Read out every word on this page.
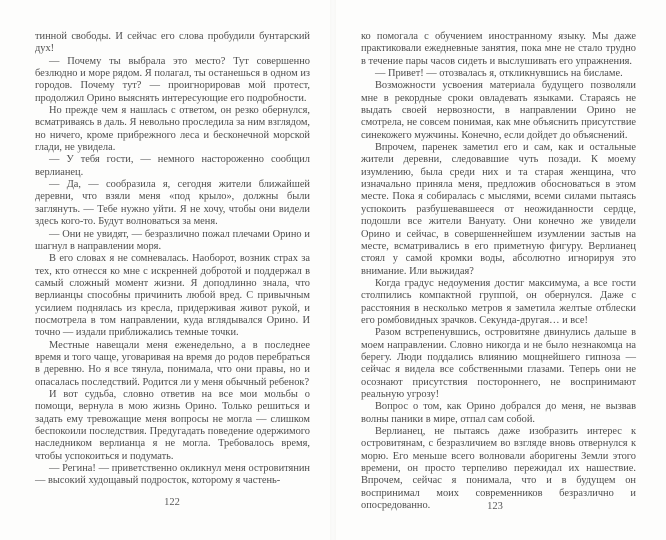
тинной свободы. И сейчас его слова пробудили бунтарский дух!

— Почему ты выбрала это место? Тут совершенно безлюдно и море рядом. Я полагал, ты останешься в одном из городов. Почему тут? — проигнорировав мой протест, продолжил Орино выяснять интересующие его подробности.

Но прежде чем я нашлась с ответом, он резко обернулся, всматриваясь в даль. Я невольно проследила за ним взглядом, но ничего, кроме прибрежного леса и бесконечной морской глади, не увидела.

— У тебя гости, — немного настороженно сообщил верлианец.

— Да, — сообразила я, сегодня жители ближайшей деревни, что взяли меня «под крыло», должны были заглянуть. — Тебе нужно уйти. Я не хочу, чтобы они видели здесь кого-то. Будут волноваться за меня.

— Они не увидят, — безразлично пожал плечами Орино и шагнул в направлении моря.

В его словах я не сомневалась. Наоборот, возник страх за тех, кто отнесся ко мне с искренней добротой и поддержал в самый сложный момент жизни. Я доподлинно знала, что верлианцы способны причинить любой вред. С привычным усилием поднялась из кресла, придерживая живот рукой, и посмотрела в том направлении, куда вглядывался Орино. И точно — издали приближались темные точки.

Местные навещали меня еженедельно, а в последнее время и того чаще, уговаривая на время до родов перебраться в деревню. Но я все тянула, понимала, что они правы, но и опасалась последствий. Родится ли у меня обычный ребенок?

И вот судьба, словно ответив на все мои мольбы о помощи, вернула в мою жизнь Орино. Только решиться и задать ему тревожащие меня вопросы не могла — слишком беспокоили последствия. Предугадать поведение одержимого наследником верлианца я не могла. Требовалось время, чтобы успокоиться и подумать.

— Регина! — приветственно окликнул меня островитянин — высокий худощавый подросток, которому я частень-

122

ко помогала с обучением иностранному языку. Мы даже практиковали ежедневные занятия, пока мне не стало трудно в течение пары часов сидеть и выслушивать его упражнения.

— Привет! — отозвалась я, откликнувшись на бисламе.

Возможности усвоения материала будущего позволяли мне в рекордные сроки овладевать языками. Стараясь не выдать своей нервозности, в направлении Орино не смотрела, не совсем понимая, как мне объяснить присутствие синекожего мужчины. Конечно, если дойдет до объяснений.

Впрочем, паренек заметил его и сам, как и остальные жители деревни, следовавшие чуть позади. К моему изумлению, была среди них и та старая женщина, что изначально приняла меня, предложив обосноваться в этом месте. Пока я собиралась с мыслями, всеми силами пытаясь успокоить разбушевавшееся от неожиданности сердце, подошли все жители Вануату. Они конечно же увидели Орино и сейчас, в совершеннейшем изумлении застыв на месте, всматривались в его приметную фигуру. Верлианец стоял у самой кромки воды, абсолютно игнорируя это внимание. Или выжидая?

Когда градус недоумения достиг максимума, а все гости столпились компактной группой, он обернулся. Даже с расстояния в несколько метров я заметила желтые отблески его ромбовидных зрачков. Секунда-другая… и все!

Разом встрепенувшись, островитяне двинулись дальше в моем направлении. Словно никогда и не было незнакомца на берегу. Люди поддались влиянию мощнейшего гипноза — сейчас я видела все собственными глазами. Теперь они не осознают присутствия постороннего, не воспринимают реальную угрозу!

Вопрос о том, как Орино добрался до меня, не вызвав волны паники в мире, отпал сам собой.

Верлианец, не пытаясь даже изобразить интерес к островитянам, с безразличием во взгляде вновь отвернулся к морю. Его меньше всего волновали аборигены Земли этого времени, он просто терпеливо пережидал их нашествие. Впрочем, сейчас я понимала, что и в будущем он воспринимал моих современников безразлично и опосредованно.	123
